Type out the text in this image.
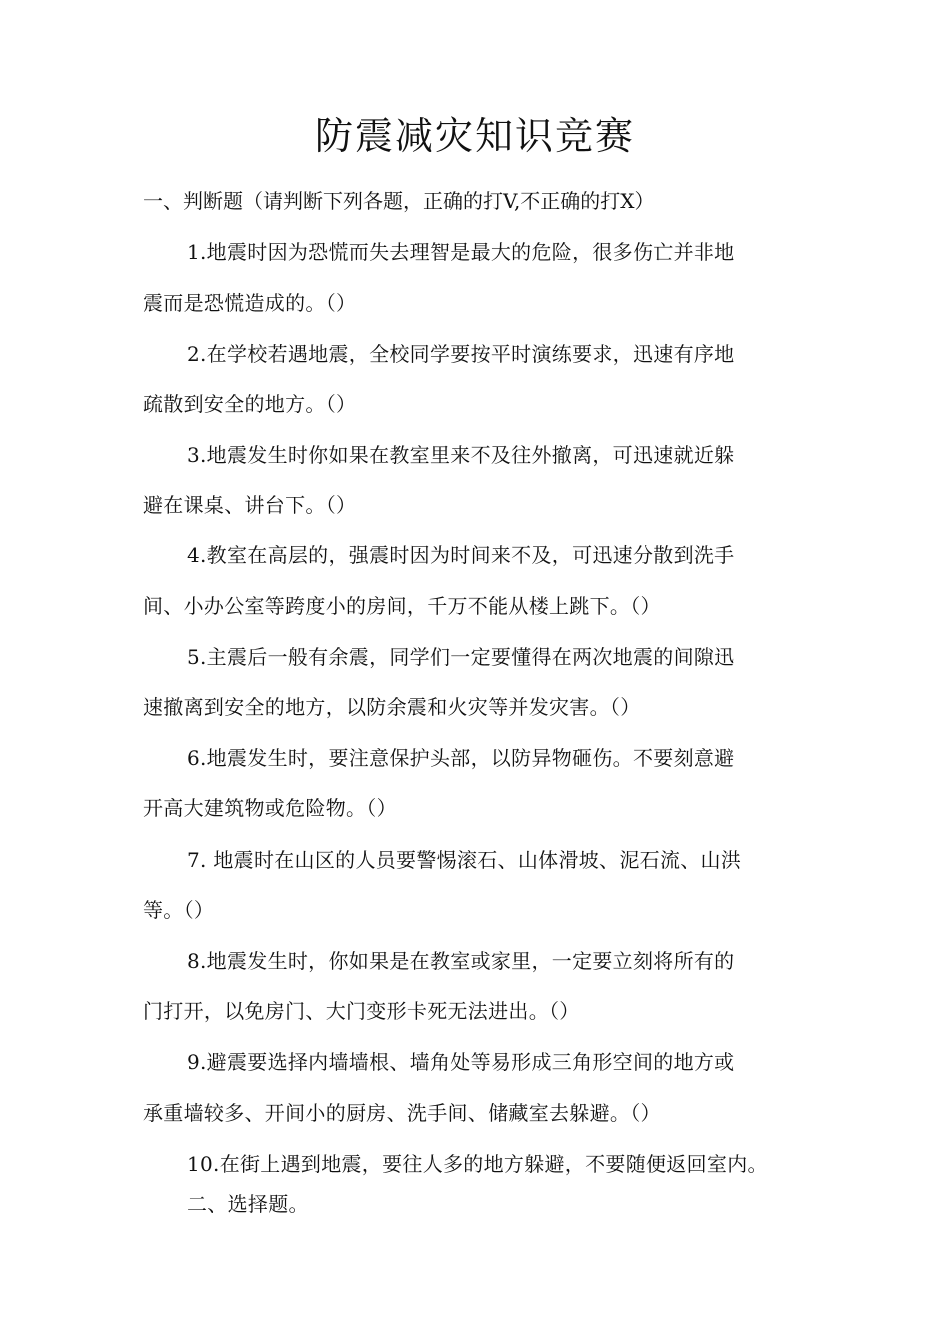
防震减灾知识竞赛
一、判断题（请判断下列各题，正确的打V,不正确的打X）
1.地震时因为恐慌而失去理智是最大的危险，很多伤亡并非地
震而是恐慌造成的。（）
2.在学校若遇地震，全校同学要按平时演练要求，迅速有序地
疏散到安全的地方。（）
3.地震发生时你如果在教室里来不及往外撤离，可迅速就近躲
避在课桌、讲台下。（）
4.教室在高层的，强震时因为时间来不及，可迅速分散到洗手
间、小办公室等跨度小的房间，千万不能从楼上跳下。（）
5.主震后一般有余震，同学们一定要懂得在两次地震的间隙迅
速撤离到安全的地方，以防余震和火灾等并发灾害。（）
6.地震发生时，要注意保护头部，以防异物砸伤。不要刻意避
开高大建筑物或危险物。（）
7. 地震时在山区的人员要警惕滚石、山体滑坡、泥石流、山洪
等。（）
8.地震发生时，你如果是在教室或家里，一定要立刻将所有的
门打开，以免房门、大门变形卡死无法进出。（）
9.避震要选择内墙墙根、墙角处等易形成三角形空间的地方或
承重墙较多、开间小的厨房、洗手间、储藏室去躲避。（）
10.在街上遇到地震，要往人多的地方躲避，不要随便返回室内。
二、选择题。
